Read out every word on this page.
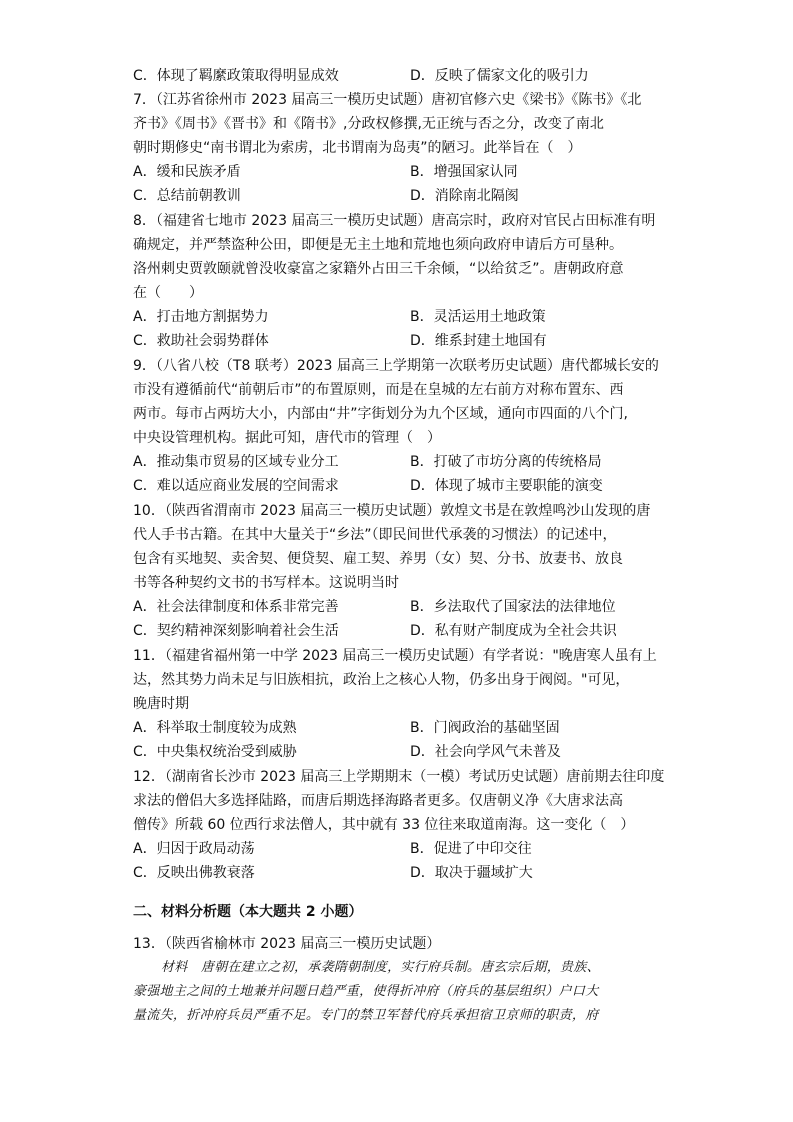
C．体现了羁縻政策取得明显成效	D．反映了儒家文化的吸引力
7．（江苏省徐州市 2023 届高三一模历史试题）唐初官修六史《梁书》《陈书》《北
齐书》《周书》《晋书》和《隋书》,分政权修撰,无正统与否之分，改变了南北
朝时期修史“南书谓北为索虏，北书谓南为岛夷”的陋习。此举旨在（　）
A．缓和民族矛盾	B．增强国家认同
C．总结前朝教训	D．消除南北隔阂
8．（福建省七地市 2023 届高三一模历史试题）唐高宗时，政府对官民占田标准有明
确规定，并严禁盗种公田，即便是无主土地和荒地也须向政府申请后方可垦种。
洛州刺史贾敦颐就曾没收豪富之家籍外占田三千余倾，“以给贫乏”。唐朝政府意
在（　　）
A．打击地方割据势力	B．灵活运用土地政策
C．救助社会弱势群体	D．维系封建土地国有
9．（八省八校（T8 联考）2023 届高三上学期第一次联考历史试题）唐代都城长安的
市没有遵循前代“前朝后市”的布置原则，而是在皇城的左右前方对称布置东、西
两市。每市占两坊大小，内部由“井”字街划分为九个区域，通向市四面的八个门,
中央设管理机构。据此可知，唐代市的管理（　）
A．推动集市贸易的区域专业分工	B．打破了市坊分离的传统格局
C．难以适应商业发展的空间需求	D．体现了城市主要职能的演变
10．（陕西省渭南市 2023 届高三一模历史试题）敦煌文书是在敦煌鸣沙山发现的唐
代人手书古籍。在其中大量关于“乡法”（即民间世代承袭的习惯法）的记述中，
包含有买地契、卖舍契、便贷契、雇工契、养男（女）契、分书、放妻书、放良
书等各种契约文书的书写样本。这说明当时
A．社会法律制度和体系非常完善	B．乡法取代了国家法的法律地位
C．契约精神深刻影响着社会生活	D．私有财产制度成为全社会共识
11．（福建省福州第一中学 2023 届高三一模历史试题）有学者说："晚唐寒人虽有上
达，然其势力尚未足与旧族相抗，政治上之核心人物，仍多出身于阀阅。"可见，
晚唐时期
A．科举取士制度较为成熟	B．门阀政治的基础坚固
C．中央集权统治受到威胁	D．社会向学风气未普及
12．（湖南省长沙市 2023 届高三上学期期末（一模）考试历史试题）唐前期去往印度
求法的僧侣大多选择陆路，而唐后期选择海路者更多。仅唐朝义净《大唐求法高
僧传》所载 60 位西行求法僧人，其中就有 33 位往来取道南海。这一变化（　）
A．归因于政局动荡	B．促进了中印交往
C．反映出佛教衰落	D．取决于疆域扩大
二、材料分析题（本大题共 2 小题）
13．（陕西省榆林市 2023 届高三一模历史试题）
材料　唐朝在建立之初，承袭隋朝制度，实行府兵制。唐玄宗后期，贵族、
豪强地主之间的土地兼并问题日趋严重，使得折冲府（府兵的基层组织）户口大
量流失，折冲府兵员严重不足。专门的禁卫军替代府兵承担宿卫京师的职责，府
